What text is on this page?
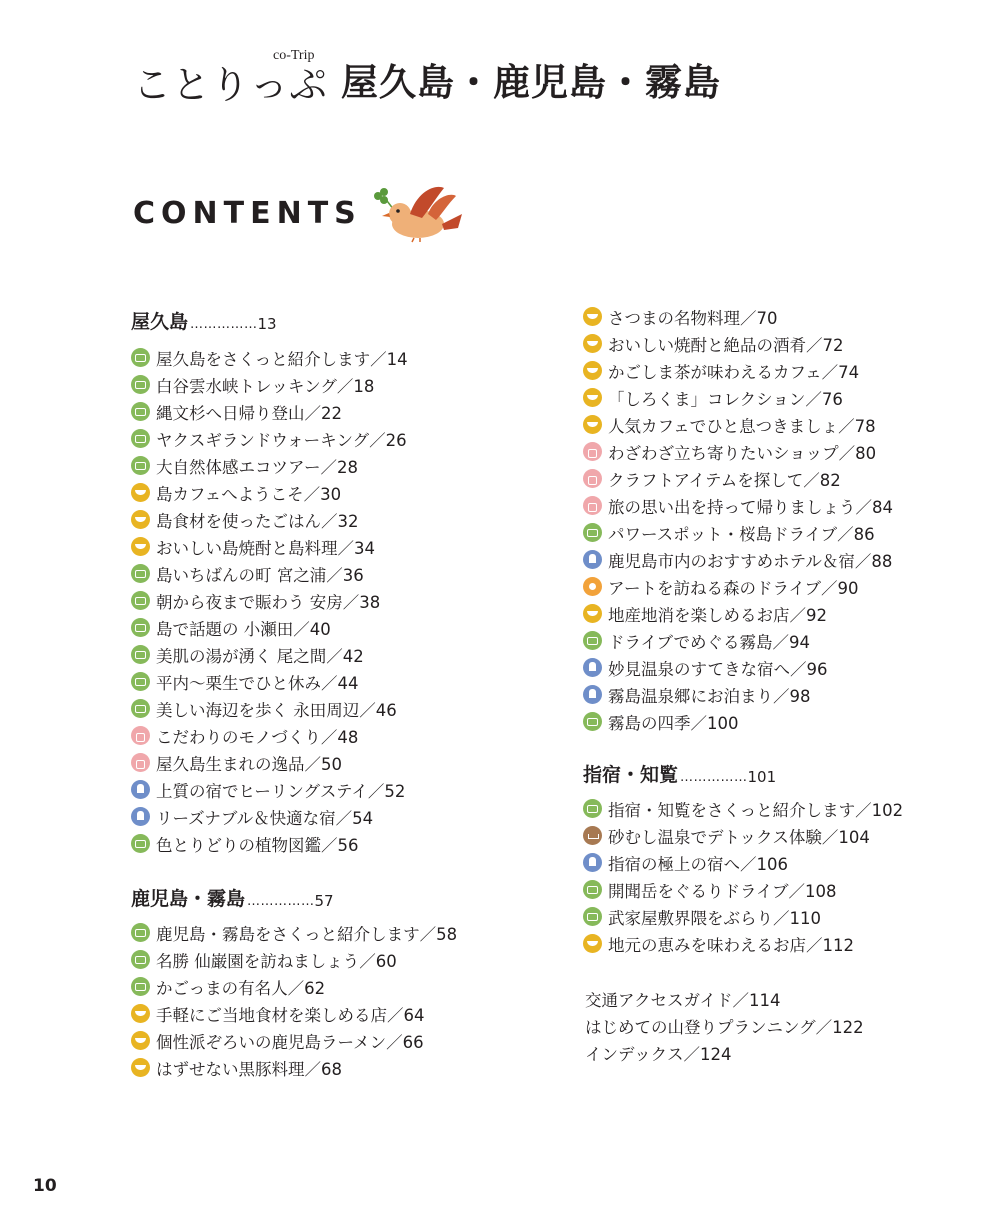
ことりっぷ
co-Trip
屋久島・鹿児島・霧島
CONTENTS
屋久島 …………… 13
屋久島をさくっと紹介します／14
白谷雲水峡トレッキング／18
縄文杉へ日帰り登山／22
ヤクスギランドウォーキング／26
大自然体感エコツアー／28
島カフェへようこそ／30
島食材を使ったごはん／32
おいしい島焼酎と島料理／34
島いちばんの町 宮之浦／36
朝から夜まで賑わう 安房／38
島で話題の 小瀬田／40
美肌の湯が湧く 尾之間／42
平内～栗生でひと休み／44
美しい海辺を歩く 永田周辺／46
こだわりのモノづくり／48
屋久島生まれの逸品／50
上質の宿でヒーリングステイ／52
リーズナブル＆快適な宿／54
色とりどりの植物図鑑／56
鹿児島・霧島 …………… 57
鹿児島・霧島をさくっと紹介します／58
名勝 仙巌園を訪ねましょう／60
かごっまの有名人／62
手軽にご当地食材を楽しめる店／64
個性派ぞろいの鹿児島ラーメン／66
はずせない黒豚料理／68
さつまの名物料理／70
おいしい焼酎と絶品の酒肴／72
かごしま茶が味わえるカフェ／74
「しろくま」コレクション／76
人気カフェでひと息つきましょ／78
わざわざ立ち寄りたいショップ／80
クラフトアイテムを探して／82
旅の思い出を持って帰りましょう／84
パワースポット・桜島ドライブ／86
鹿児島市内のおすすめホテル＆宿／88
アートを訪ねる森のドライブ／90
地産地消を楽しめるお店／92
ドライブでめぐる霧島／94
妙見温泉のすてきな宿へ／96
霧島温泉郷にお泊まり／98
霧島の四季／100
指宿・知覧 …………… 101
指宿・知覧をさくっと紹介します／102
砂むし温泉でデトックス体験／104
指宿の極上の宿へ／106
開聞岳をぐるりドライブ／108
武家屋敷界隈をぶらり／110
地元の恵みを味わえるお店／112
交通アクセスガイド／114
はじめての山登りプランニング／122
インデックス／124
10
